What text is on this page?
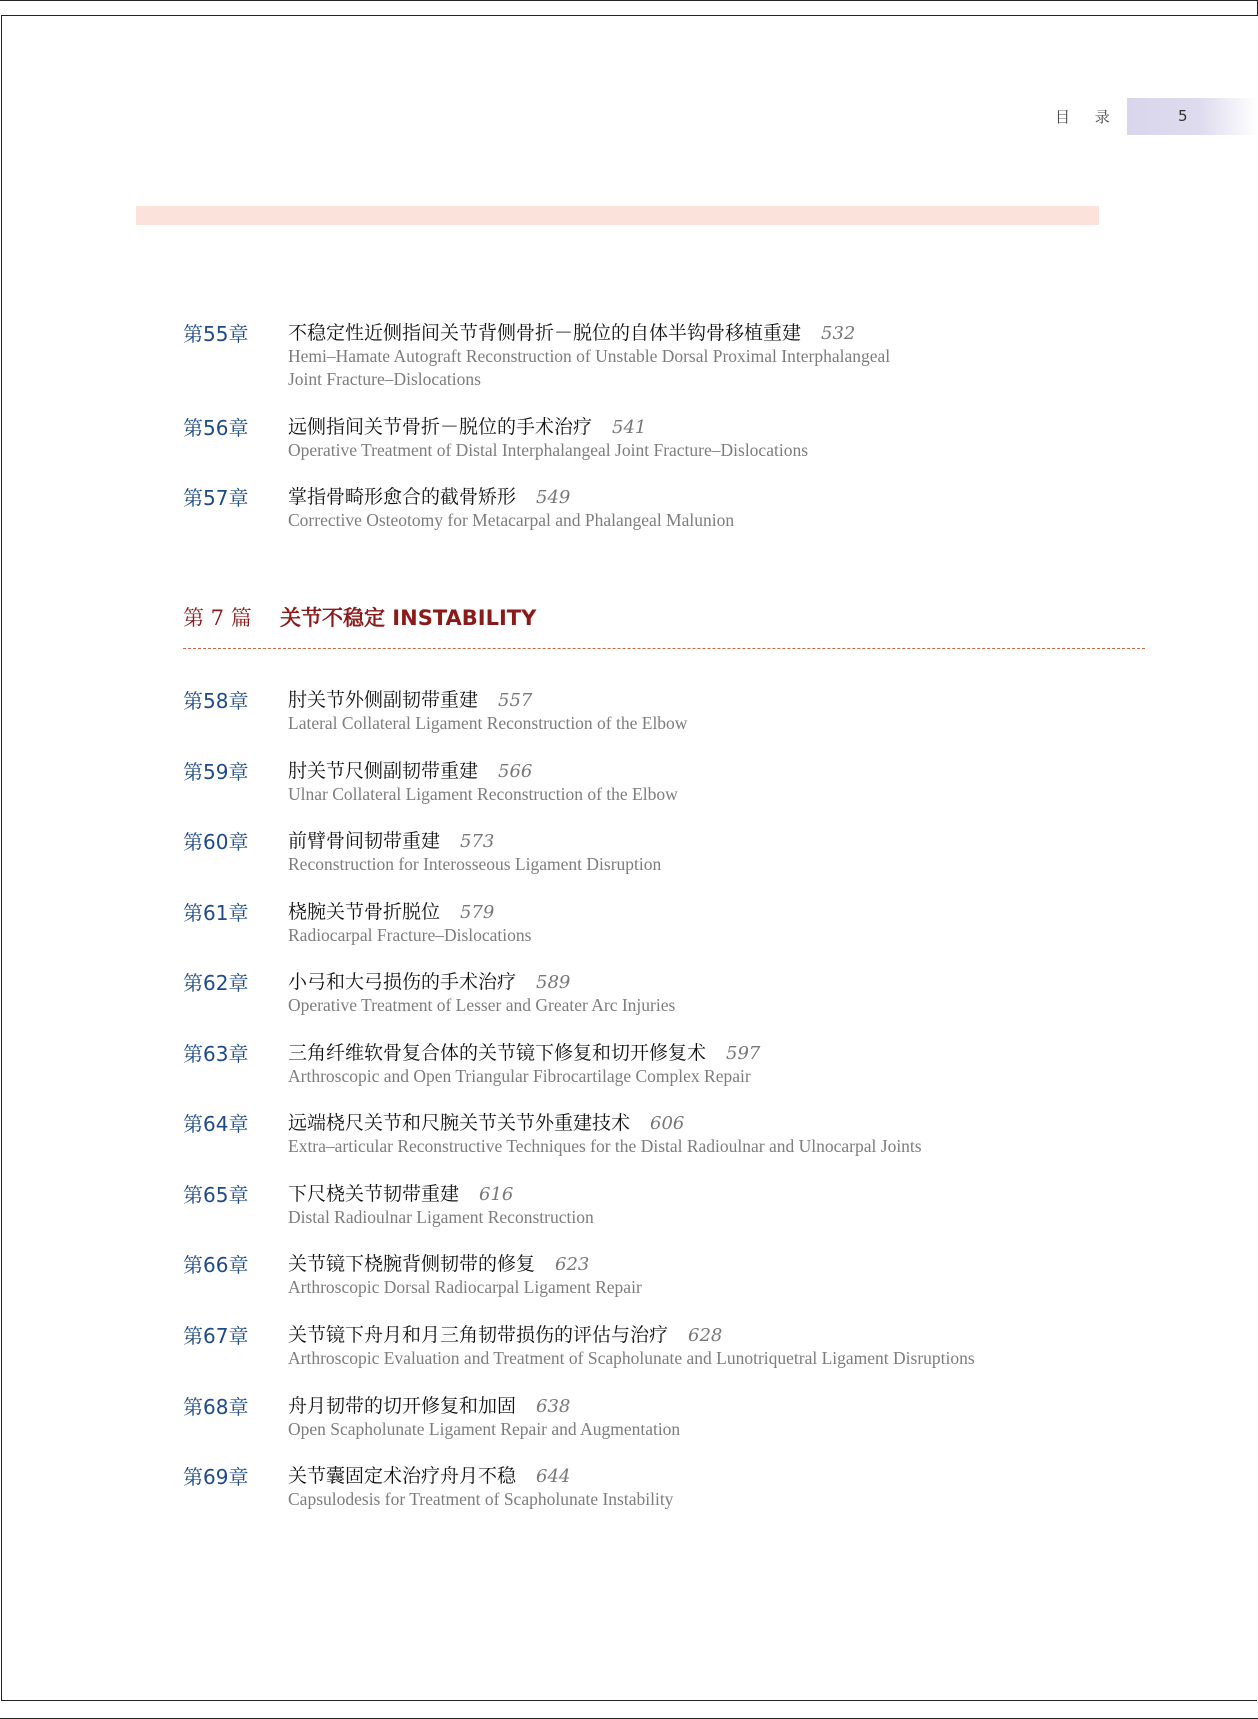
目 录	5
第55章 不稳定性近侧指间关节背侧骨折－脱位的自体半钩骨移植重建 532
Hemi–Hamate Autograft Reconstruction of Unstable Dorsal Proximal Interphalangeal
Joint Fracture–Dislocations
第56章 远侧指间关节骨折－脱位的手术治疗 541
Operative Treatment of Distal Interphalangeal Joint Fracture–Dislocations
第57章 掌指骨畸形愈合的截骨矫形 549
Corrective Osteotomy for Metacarpal and Phalangeal Malunion
第 7 篇 关节不稳定 INSTABILITY
第58章 肘关节外侧副韧带重建 557
Lateral Collateral Ligament Reconstruction of the Elbow
第59章 肘关节尺侧副韧带重建 566
Ulnar Collateral Ligament Reconstruction of the Elbow
第60章 前臂骨间韧带重建 573
Reconstruction for Interosseous Ligament Disruption
第61章 桡腕关节骨折脱位 579
Radiocarpal Fracture–Dislocations
第62章 小弓和大弓损伤的手术治疗 589
Operative Treatment of Lesser and Greater Arc Injuries
第63章 三角纤维软骨复合体的关节镜下修复和切开修复术 597
Arthroscopic and Open Triangular Fibrocartilage Complex Repair
第64章 远端桡尺关节和尺腕关节关节外重建技术 606
Extra–articular Reconstructive Techniques for the Distal Radioulnar and Ulnocarpal Joints
第65章 下尺桡关节韧带重建 616
Distal Radioulnar Ligament Reconstruction
第66章 关节镜下桡腕背侧韧带的修复 623
Arthroscopic Dorsal Radiocarpal Ligament Repair
第67章 关节镜下舟月和月三角韧带损伤的评估与治疗 628
Arthroscopic Evaluation and Treatment of Scapholunate and Lunotriquetral Ligament Disruptions
第68章 舟月韧带的切开修复和加固 638
Open Scapholunate Ligament Repair and Augmentation
第69章 关节囊固定术治疗舟月不稳 644
Capsulodesis for Treatment of Scapholunate Instability
